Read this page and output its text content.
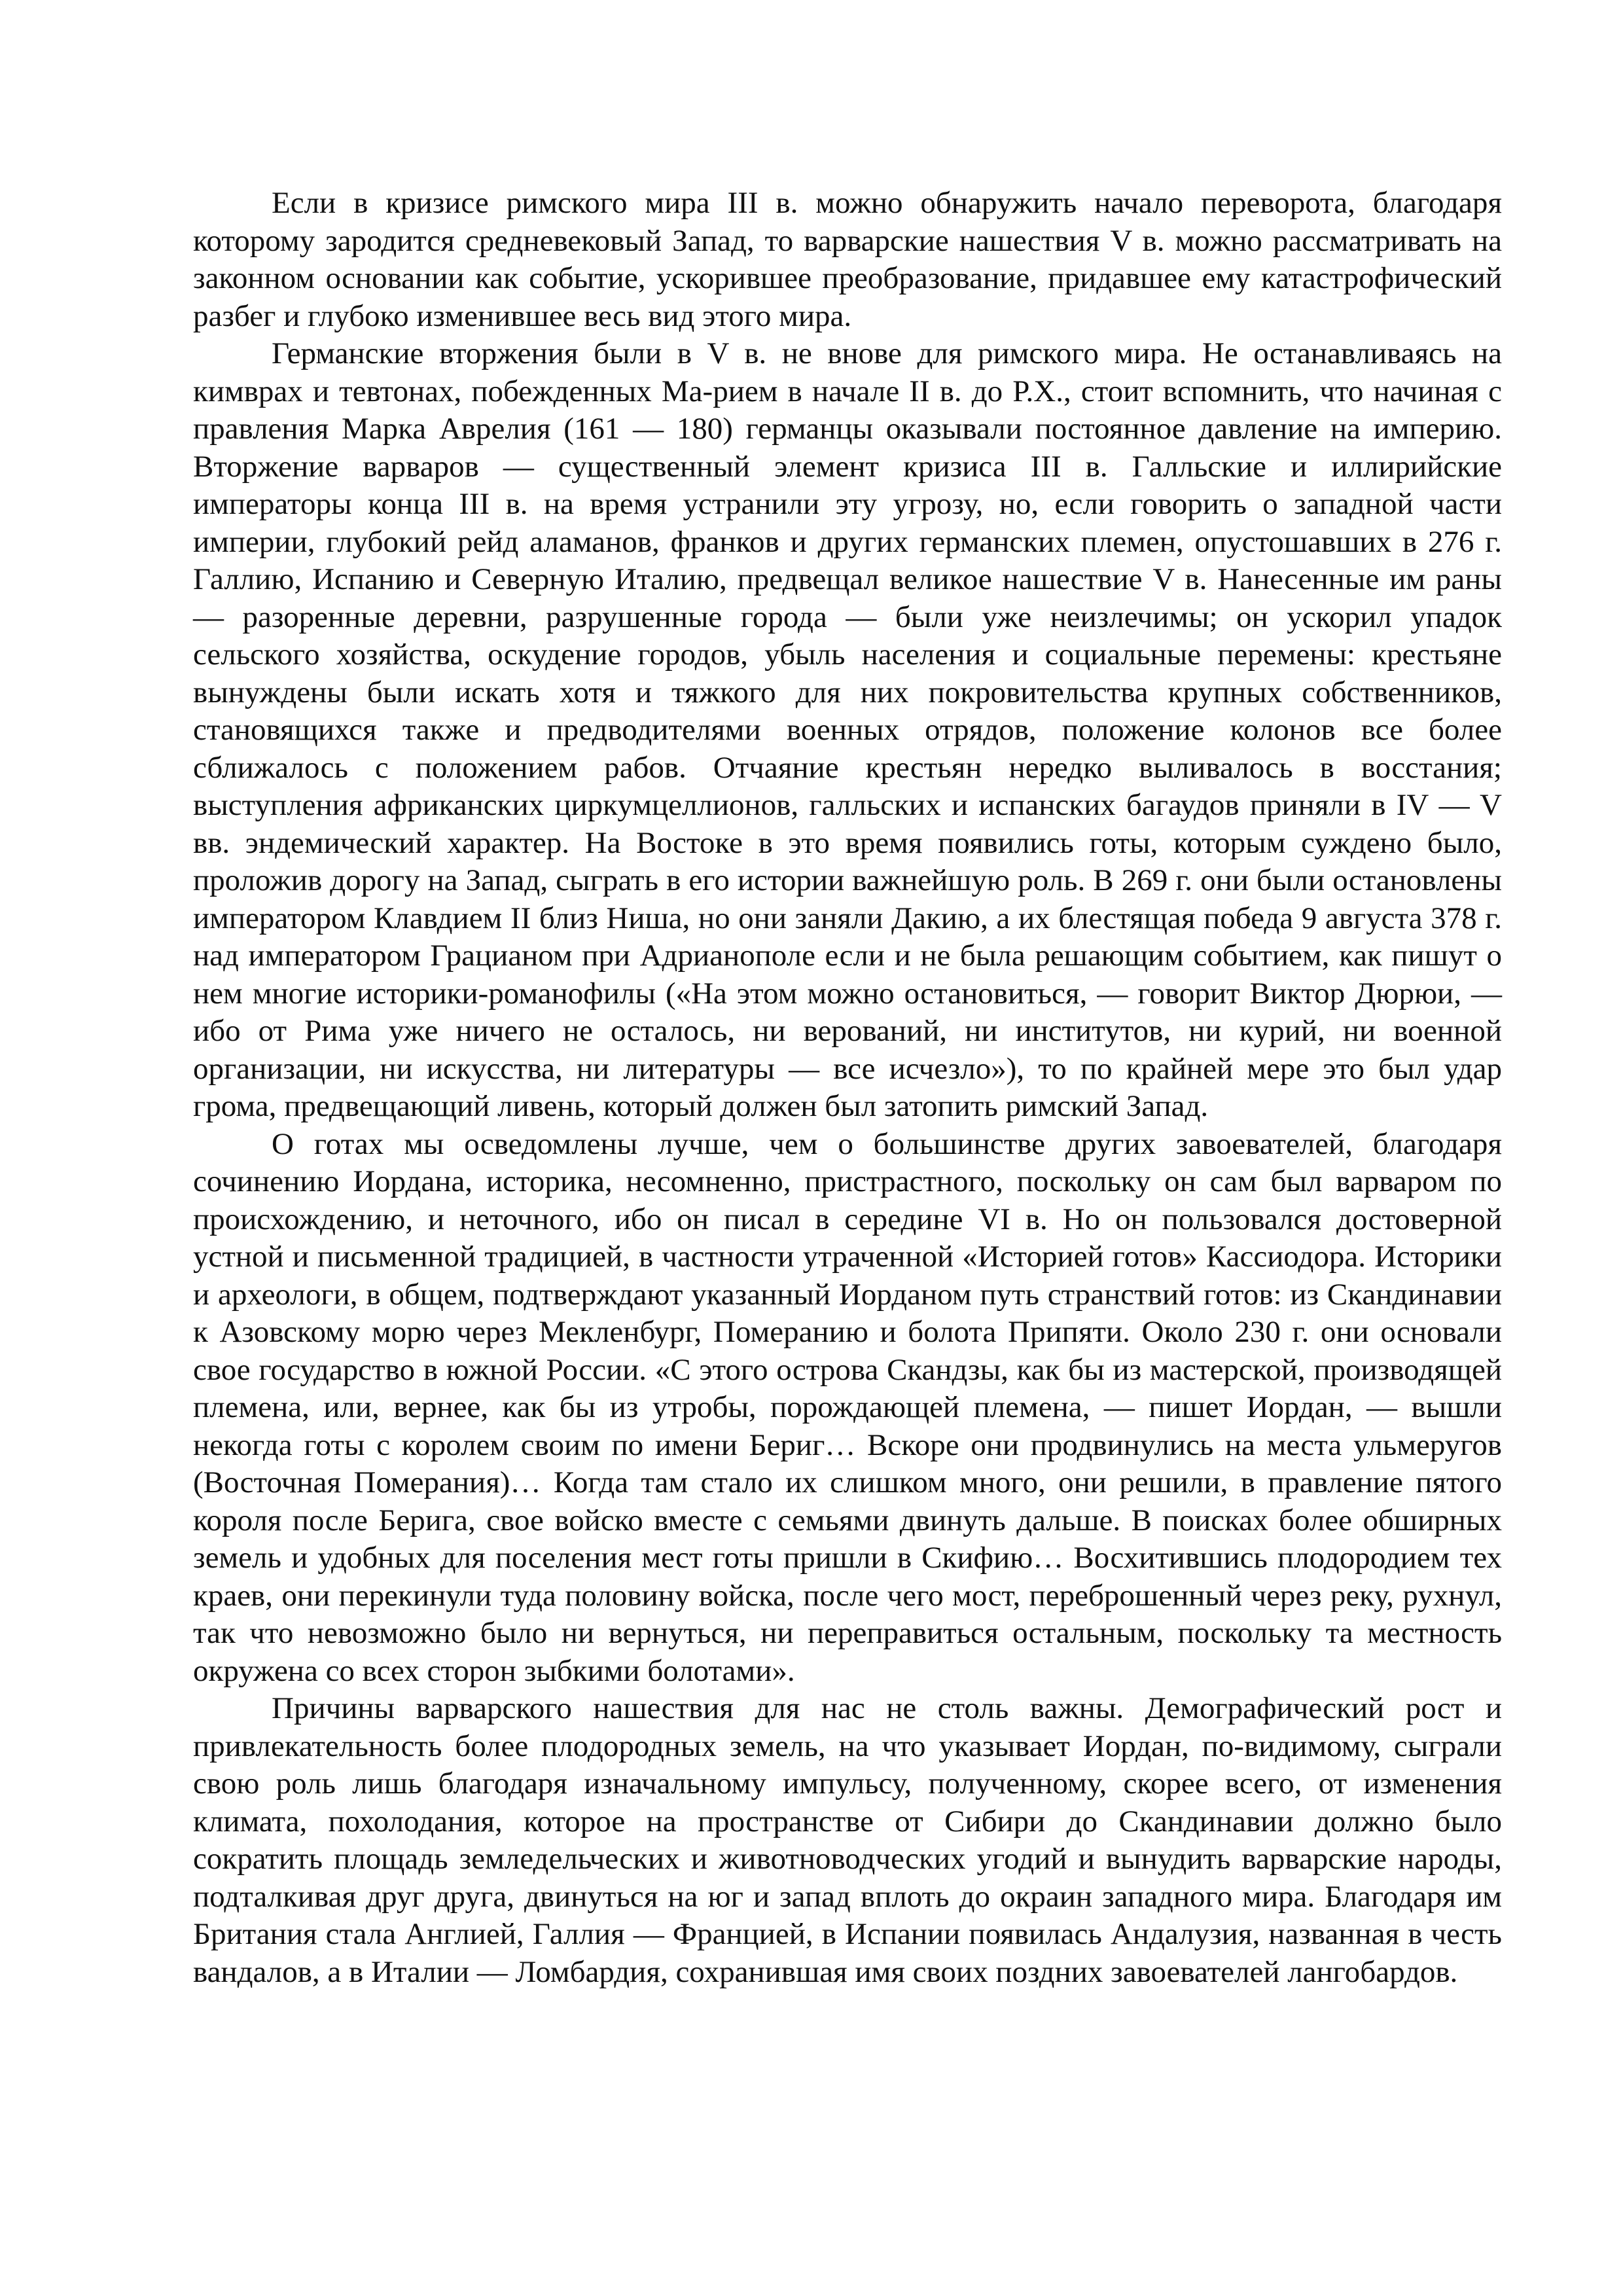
Если в кризисе римского мира III в. можно обнаружить начало переворота, благодаря которому зародится средневековый Запад, то варварские нашествия V в. можно рассматривать на законном основании как событие, ускорившее преобразование, придавшее ему катастрофический разбег и глубоко изменившее весь вид этого мира.

Германские вторжения были в V в. не внове для римского мира. Не останавливаясь на кимврах и тевтонах, побежденных Ма-рием в начале II в. до Р.Х., стоит вспомнить, что начиная с правления Марка Аврелия (161 — 180) германцы оказывали постоянное давление на империю. Вторжение варваров — существенный элемент кризиса III в. Галльские и иллирийские императоры конца III в. на время устранили эту угрозу, но, если говорить о западной части империи, глубокий рейд аламанов, франков и других германских племен, опустошавших в 276 г. Галлию, Испанию и Северную Италию, предвещал великое нашествие V в. Нанесенные им раны — разоренные деревни, разрушенные города — были уже неизлечимы; он ускорил упадок сельского хозяйства, оскудение городов, убыль населения и социальные перемены: крестьяне вынуждены были искать хотя и тяжкого для них покровительства крупных собственников, становящихся также и предводителями военных отрядов, положение колонов все более сближалось с положением рабов. Отчаяние крестьян нередко выливалось в восстания; выступления африканских циркумцеллионов, галльских и испанских багаудов приняли в IV — V вв. эндемический характер. На Востоке в это время появились готы, которым суждено было, проложив дорогу на Запад, сыграть в его истории важнейшую роль. В 269 г. они были остановлены императором Клавдием II близ Ниша, но они заняли Дакию, а их блестящая победа 9 августа 378 г. над императором Грацианом при Адрианополе если и не была решающим событием, как пишут о нем многие историки-романофилы («На этом можно остановиться, — говорит Виктор Дюрюи, — ибо от Рима уже ничего не осталось, ни верований, ни институтов, ни курий, ни военной организации, ни искусства, ни литературы — все исчезло»), то по крайней мере это был удар грома, предвещающий ливень, который должен был затопить римский Запад.

О готах мы осведомлены лучше, чем о большинстве других завоевателей, благодаря сочинению Иордана, историка, несомненно, пристрастного, поскольку он сам был варваром по происхождению, и неточного, ибо он писал в середине VI в. Но он пользовался достоверной устной и письменной традицией, в частности утраченной «Историей готов» Кассиодора. Историки и археологи, в общем, подтверждают указанный Иорданом путь странствий готов: из Скандинавии к Азовскому морю через Мекленбург, Померанию и болота Припяти. Около 230 г. они основали свое государство в южной России. «С этого острова Скандзы, как бы из мастерской, производящей племена, или, вернее, как бы из утробы, порождающей племена, — пишет Иордан, — вышли некогда готы с королем своим по имени Бериг… Вскоре они продвинулись на места ульмеругов (Восточная Померания)… Когда там стало их слишком много, они решили, в правление пятого короля после Берига, свое войско вместе с семьями двинуть дальше. В поисках более обширных земель и удобных для поселения мест готы пришли в Скифию… Восхитившись плодородием тех краев, они перекинули туда половину войска, после чего мост, переброшенный через реку, рухнул, так что невозможно было ни вернуться, ни переправиться остальным, поскольку та местность окружена со всех сторон зыбкими болотами».

Причины варварского нашествия для нас не столь важны. Демографический рост и привлекательность более плодородных земель, на что указывает Иордан, по-видимому, сыграли свою роль лишь благодаря изначальному импульсу, полученному, скорее всего, от изменения климата, похолодания, которое на пространстве от Сибири до Скандинавии должно было сократить площадь земледельческих и животноводческих угодий и вынудить варварские народы, подталкивая друг друга, двинуться на юг и запад вплоть до окраин западного мира. Благодаря им Британия стала Англией, Галлия — Францией, в Испании появилась Андалузия, названная в честь вандалов, а в Италии — Ломбардия, сохранившая имя своих поздних завоевателей лангобардов.
